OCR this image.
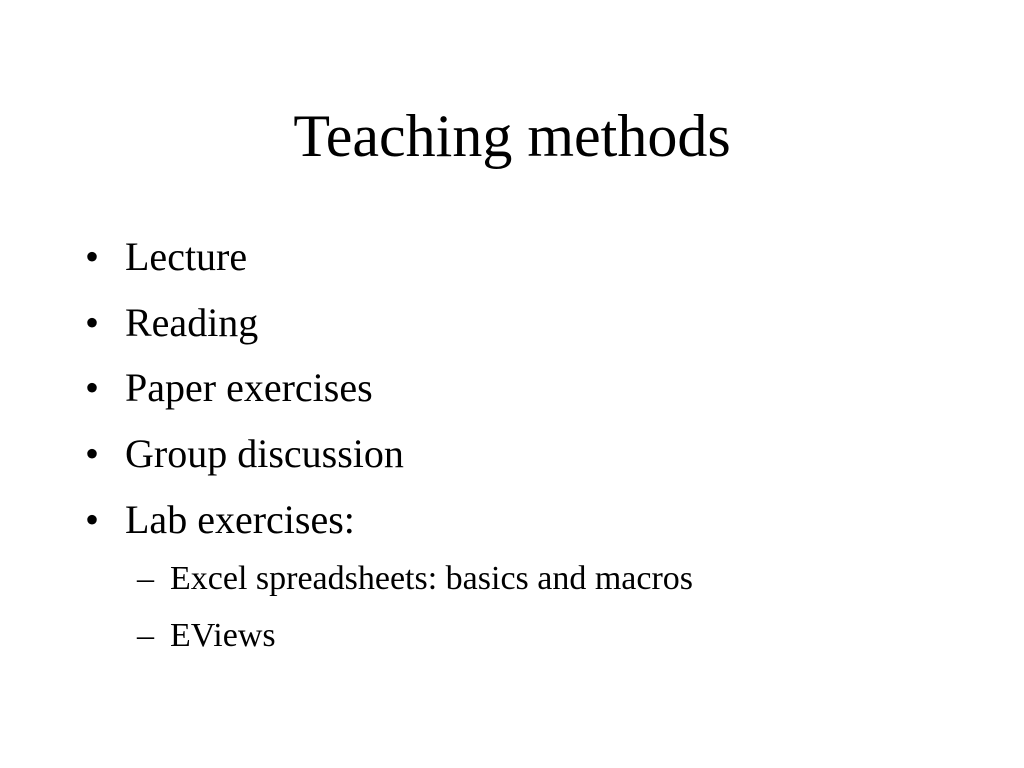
Teaching methods
• Lecture
• Reading
• Paper exercises
• Group discussion
• Lab exercises:
– Excel spreadsheets: basics and macros
– EViews
